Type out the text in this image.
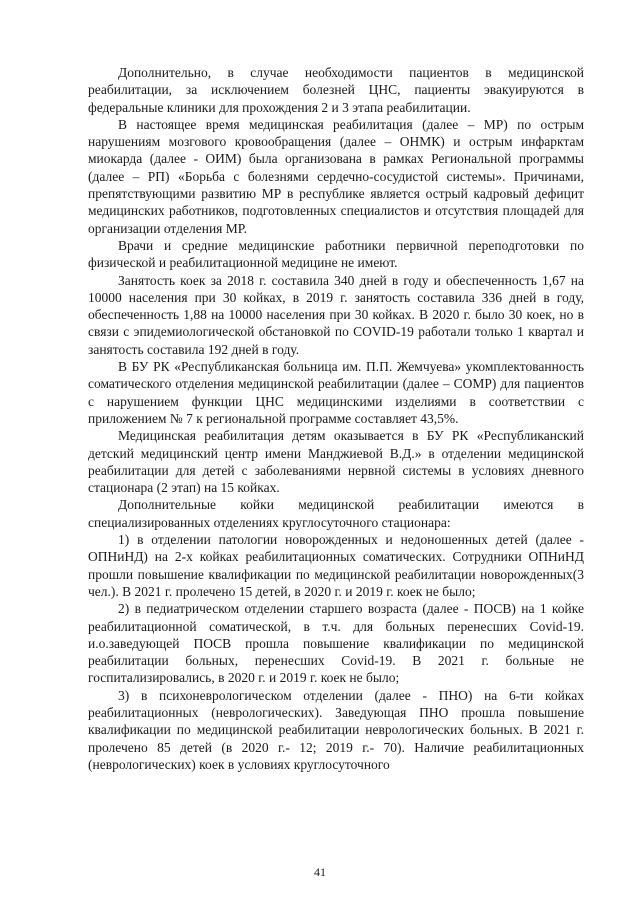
Дополнительно, в случае необходимости пациентов в медицинской реабилитации, за исключением болезней ЦНС, пациенты эвакуируются в федеральные клиники для прохождения 2 и 3 этапа реабилитации.

В настоящее время медицинская реабилитация (далее – МР) по острым нарушениям мозгового кровообращения (далее – ОНМК) и острым инфарктам миокарда (далее - ОИМ) была организована в рамках Региональной программы (далее – РП) «Борьба с болезнями сердечно-сосудистой системы». Причинами, препятствующими развитию МР в республике является острый кадровый дефицит медицинских работников, подготовленных специалистов и отсутствия площадей для организации отделения МР.

Врачи и средние медицинские работники первичной переподготовки по физической и реабилитационной медицине не имеют.

Занятость коек за 2018 г. составила 340 дней в году и обеспеченность 1,67 на 10000 населения при 30 койках, в 2019 г. занятость составила 336 дней в году, обеспеченность 1,88 на 10000 населения при 30 койках. В 2020 г. было 30 коек, но в связи с эпидемиологической обстановкой по COVID-19 работали только 1 квартал и занятость составила 192 дней в году.

В БУ РК «Республиканская больница им. П.П. Жемчуева» укомплектованность соматического отделения медицинской реабилитации (далее – СОМР) для пациентов с нарушением функции ЦНС медицинскими изделиями в соответствии с приложением № 7 к региональной программе составляет 43,5%.

Медицинская реабилитация детям оказывается в БУ РК «Республиканский детский медицинский центр имени Манджиевой В.Д.» в отделении медицинской реабилитации для детей с заболеваниями нервной системы в условиях дневного стационара (2 этап) на 15 койках.

Дополнительные койки медицинской реабилитации имеются в специализированных отделениях круглосуточного стационара:

1) в отделении патологии новорожденных и недоношенных детей (далее - ОПНиНД) на 2-х койках реабилитационных соматических. Сотрудники ОПНиНД прошли повышение квалификации по медицинской реабилитации новорожденных(3 чел.). В 2021 г. пролечено 15 детей, в 2020 г. и 2019 г. коек не было;

2) в педиатрическом отделении старшего возраста (далее - ПОСВ) на 1 койке реабилитационной соматической, в т.ч. для больных перенесших Covid-19. и.о.заведующей ПОСВ прошла повышение квалификации по медицинской реабилитации больных, перенесших Covid-19. В 2021 г. больные не госпитализировались, в 2020 г. и 2019 г. коек не было;

3) в психоневрологическом отделении (далее - ПНО) на 6-ти койках реабилитационных (неврологических). Заведующая ПНО прошла повышение квалификации по медицинской реабилитации неврологических больных. В 2021 г. пролечено 85 детей (в 2020 г.- 12; 2019 г.- 70). Наличие реабилитационных (неврологических) коек в условиях круглосуточного

41
